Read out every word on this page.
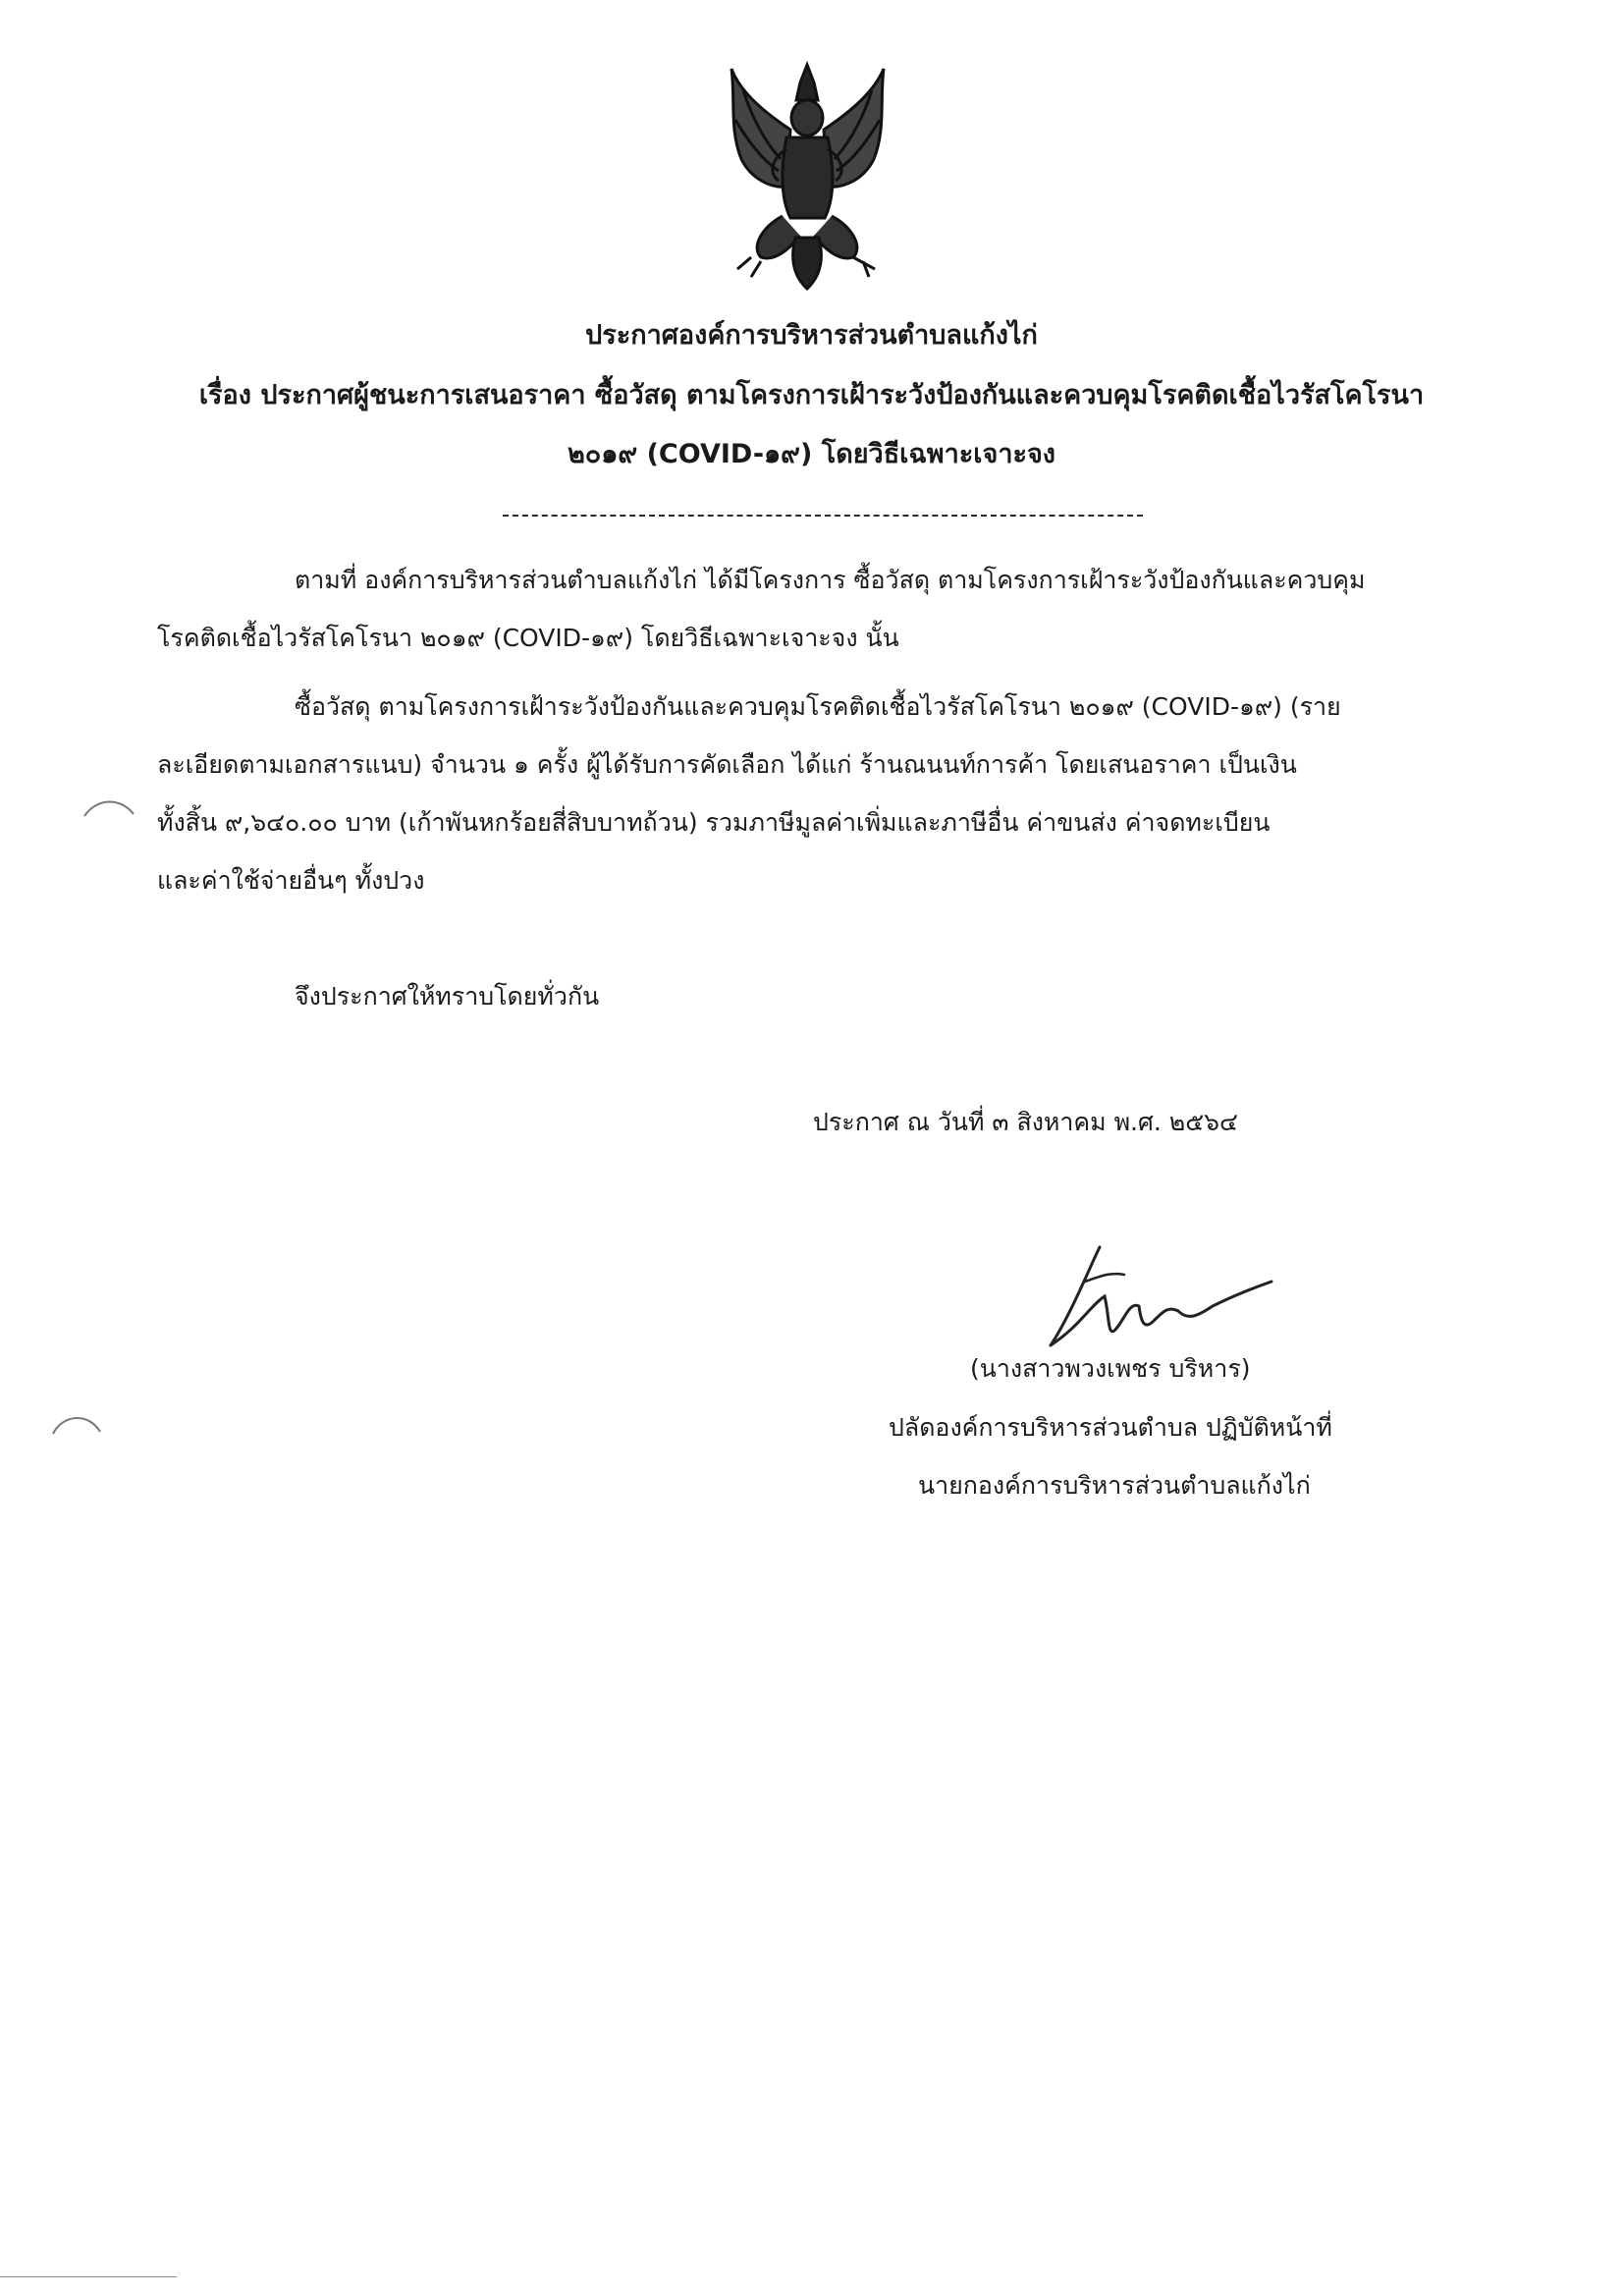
ประกาศองค์การบริหารส่วนตำบลแก้งไก่
เรื่อง ประกาศผู้ชนะการเสนอราคา ซื้อวัสดุ ตามโครงการเฝ้าระวังป้องกันและควบคุมโรคติดเชื้อไวรัสโคโรนา
๒๐๑๙ (COVID-๑๙) โดยวิธีเฉพาะเจาะจง
ตามที่ องค์การบริหารส่วนตำบลแก้งไก่ ได้มีโครงการ ซื้อวัสดุ ตามโครงการเฝ้าระวังป้องกันและควบคุม
โรคติดเชื้อไวรัสโคโรนา ๒๐๑๙ (COVID-๑๙) โดยวิธีเฉพาะเจาะจง นั้น
ซื้อวัสดุ ตามโครงการเฝ้าระวังป้องกันและควบคุมโรคติดเชื้อไวรัสโคโรนา ๒๐๑๙ (COVID-๑๙) (ราย
ละเอียดตามเอกสารแนบ) จำนวน ๑ ครั้ง ผู้ได้รับการคัดเลือก ได้แก่ ร้านณนนท์การค้า โดยเสนอราคา เป็นเงิน
ทั้งสิ้น ๙,๖๔๐.๐๐ บาท (เก้าพันหกร้อยสี่สิบบาทถ้วน) รวมภาษีมูลค่าเพิ่มและภาษีอื่น ค่าขนส่ง ค่าจดทะเบียน
และค่าใช้จ่ายอื่นๆ ทั้งปวง
จึงประกาศให้ทราบโดยทั่วกัน
ประกาศ ณ วันที่ ๓ สิงหาคม พ.ศ. ๒๕๖๔
(นางสาวพวงเพชร บริหาร)
ปลัดองค์การบริหารส่วนตำบล ปฏิบัติหน้าที่
นายกองค์การบริหารส่วนตำบลแก้งไก่
